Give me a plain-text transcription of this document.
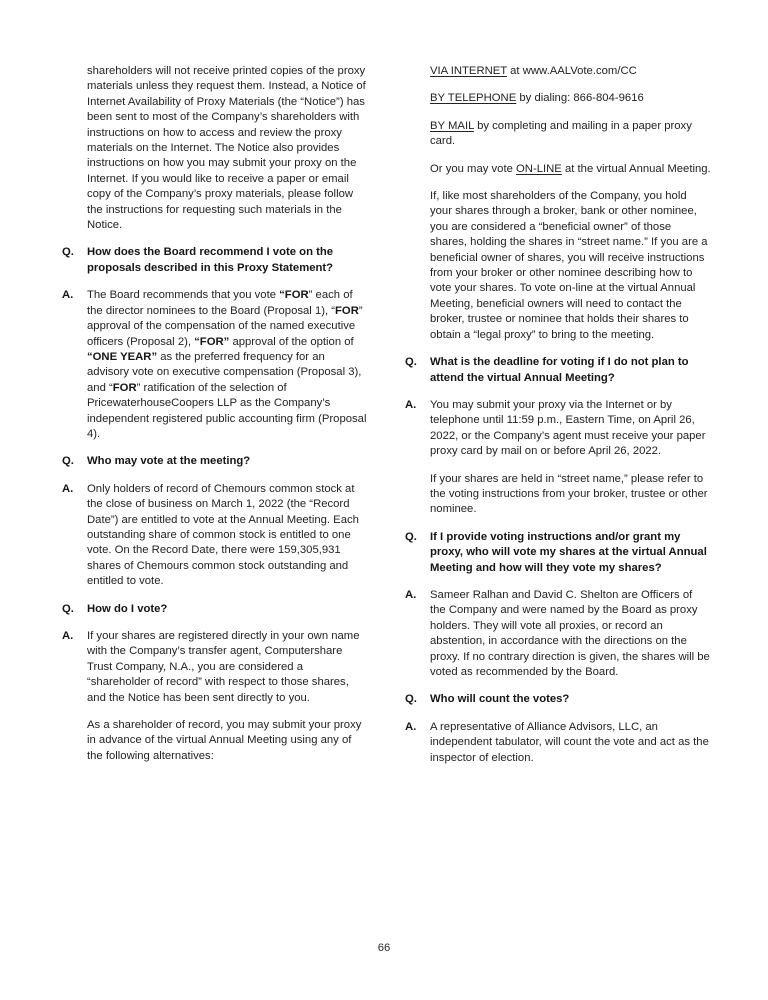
shareholders will not receive printed copies of the proxy materials unless they request them. Instead, a Notice of Internet Availability of Proxy Materials (the “Notice”) has been sent to most of the Company’s shareholders with instructions on how to access and review the proxy materials on the Internet. The Notice also provides instructions on how you may submit your proxy on the Internet. If you would like to receive a paper or email copy of the Company’s proxy materials, please follow the instructions for requesting such materials in the Notice.
Q. How does the Board recommend I vote on the proposals described in this Proxy Statement?
A. The Board recommends that you vote “FOR” each of the director nominees to the Board (Proposal 1), “FOR” approval of the compensation of the named executive officers (Proposal 2), “FOR” approval of the option of “ONE YEAR” as the preferred frequency for an advisory vote on executive compensation (Proposal 3), and “FOR” ratification of the selection of PricewaterhouseCoopers LLP as the Company’s independent registered public accounting firm (Proposal 4).
Q. Who may vote at the meeting?
A. Only holders of record of Chemours common stock at the close of business on March 1, 2022 (the “Record Date”) are entitled to vote at the Annual Meeting. Each outstanding share of common stock is entitled to one vote. On the Record Date, there were 159,305,931 shares of Chemours common stock outstanding and entitled to vote.
Q. How do I vote?
A. If your shares are registered directly in your own name with the Company’s transfer agent, Computershare Trust Company, N.A., you are considered a “shareholder of record” with respect to those shares, and the Notice has been sent directly to you.
As a shareholder of record, you may submit your proxy in advance of the virtual Annual Meeting using any of the following alternatives:
VIA INTERNET at www.AALVote.com/CC
BY TELEPHONE by dialing: 866-804-9616
BY MAIL by completing and mailing in a paper proxy card.
Or you may vote ON-LINE at the virtual Annual Meeting.
If, like most shareholders of the Company, you hold your shares through a broker, bank or other nominee, you are considered a “beneficial owner” of those shares, holding the shares in “street name.” If you are a beneficial owner of shares, you will receive instructions from your broker or other nominee describing how to vote your shares. To vote on-line at the virtual Annual Meeting, beneficial owners will need to contact the broker, trustee or nominee that holds their shares to obtain a “legal proxy” to bring to the meeting.
Q. What is the deadline for voting if I do not plan to attend the virtual Annual Meeting?
A. You may submit your proxy via the Internet or by telephone until 11:59 p.m., Eastern Time, on April 26, 2022, or the Company’s agent must receive your paper proxy card by mail on or before April 26, 2022.
If your shares are held in “street name,” please refer to the voting instructions from your broker, trustee or other nominee.
Q. If I provide voting instructions and/or grant my proxy, who will vote my shares at the virtual Annual Meeting and how will they vote my shares?
A. Sameer Ralhan and David C. Shelton are Officers of the Company and were named by the Board as proxy holders. They will vote all proxies, or record an abstention, in accordance with the directions on the proxy. If no contrary direction is given, the shares will be voted as recommended by the Board.
Q. Who will count the votes?
A. A representative of Alliance Advisors, LLC, an independent tabulator, will count the vote and act as the inspector of election.
66
